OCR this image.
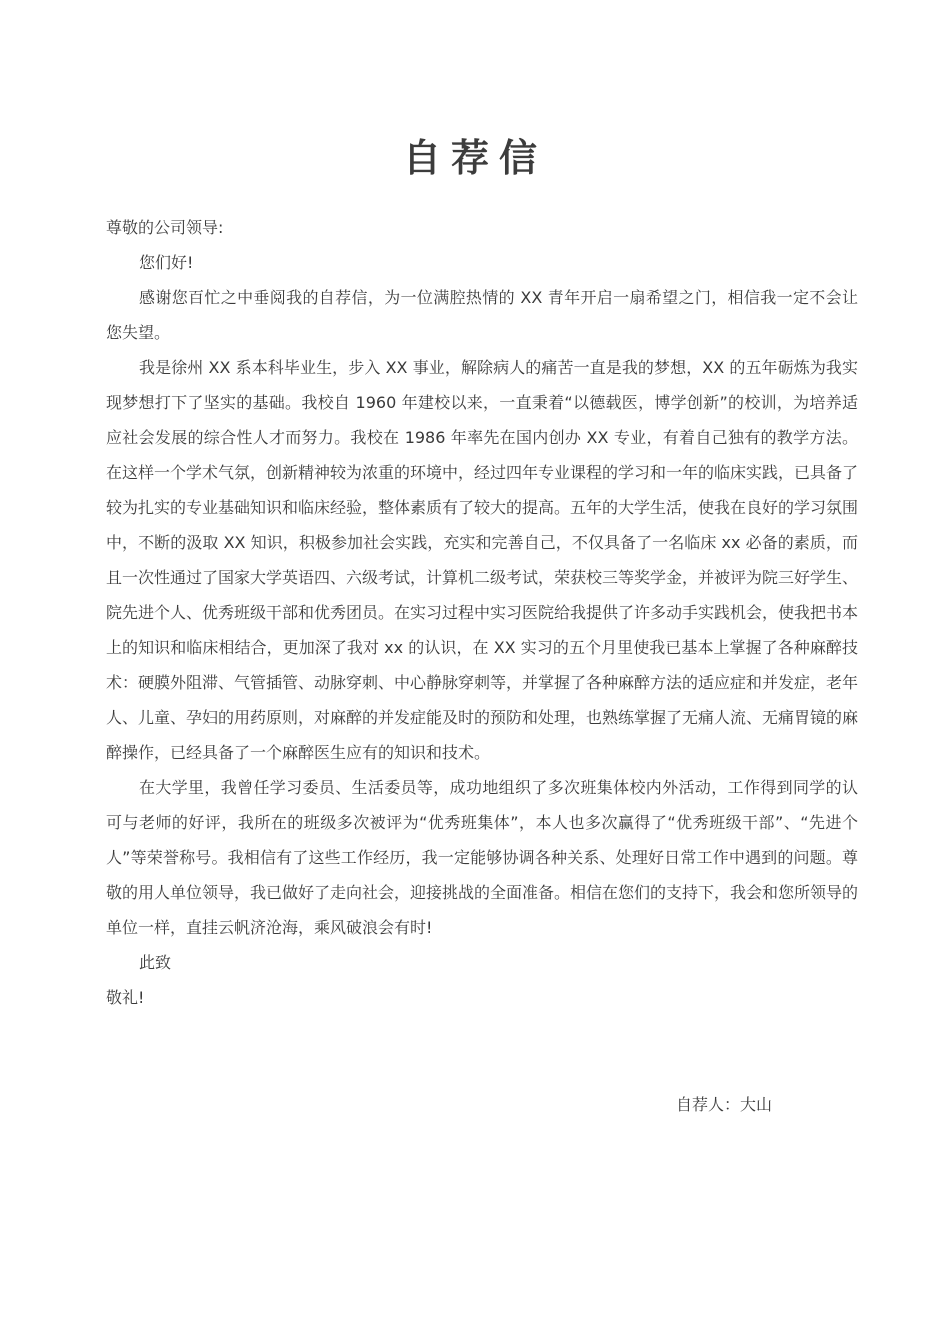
自荐信

尊敬的公司领导:

您们好!

感谢您百忙之中垂阅我的自荐信，为一位满腔热情的 XX 青年开启一扇希望之门，相信我一定不会让您失望。

我是徐州 XX 系本科毕业生，步入 XX 事业，解除病人的痛苦一直是我的梦想，XX 的五年砺炼为我实现梦想打下了坚实的基础。我校自 1960 年建校以来，一直秉着“以德载医，博学创新”的校训，为培养适应社会发展的综合性人才而努力。我校在 1986 年率先在国内创办 XX 专业，有着自己独有的教学方法。在这样一个学术气氛，创新精神较为浓重的环境中，经过四年专业课程的学习和一年的临床实践，已具备了较为扎实的专业基础知识和临床经验，整体素质有了较大的提高。五年的大学生活，使我在良好的学习氛围中，不断的汲取 XX 知识，积极参加社会实践，充实和完善自己，不仅具备了一名临床 xx 必备的素质，而且一次性通过了国家大学英语四、六级考试，计算机二级考试，荣获校三等奖学金，并被评为院三好学生、院先进个人、优秀班级干部和优秀团员。在实习过程中实习医院给我提供了许多动手实践机会，使我把书本上的知识和临床相结合，更加深了我对 xx 的认识，在 XX 实习的五个月里使我已基本上掌握了各种麻醉技术：硬膜外阻滞、气管插管、动脉穿刺、中心静脉穿刺等，并掌握了各种麻醉方法的适应症和并发症，老年人、儿童、孕妇的用药原则，对麻醉的并发症能及时的预防和处理，也熟练掌握了无痛人流、无痛胃镜的麻醉操作，已经具备了一个麻醉医生应有的知识和技术。

在大学里，我曾任学习委员、生活委员等，成功地组织了多次班集体校内外活动，工作得到同学的认可与老师的好评，我所在的班级多次被评为“优秀班集体”，本人也多次赢得了“优秀班级干部”、“先进个人”等荣誉称号。我相信有了这些工作经历，我一定能够协调各种关系、处理好日常工作中遇到的问题。尊敬的用人单位领导，我已做好了走向社会，迎接挑战的全面准备。相信在您们的支持下，我会和您所领导的单位一样，直挂云帆济沧海，乘风破浪会有时!

此致

敬礼!

自荐人：大山
